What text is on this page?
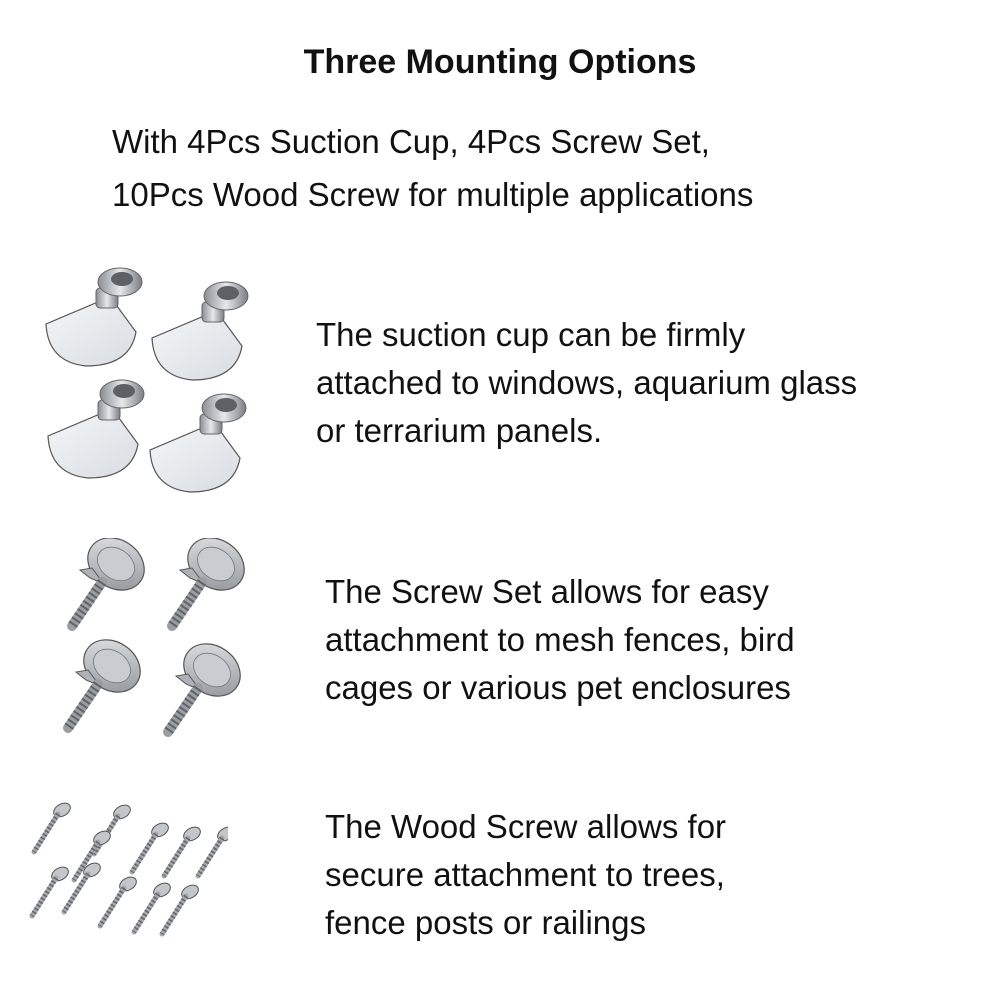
Three Mounting Options
With 4Pcs Suction Cup, 4Pcs Screw Set,
10Pcs Wood Screw for multiple applications
The suction cup can be firmly
attached to windows, aquarium glass
or terrarium panels.
The Screw Set allows for easy
attachment to mesh fences, bird
cages or various pet enclosures
The Wood Screw allows for
secure attachment to trees,
fence posts or railings
